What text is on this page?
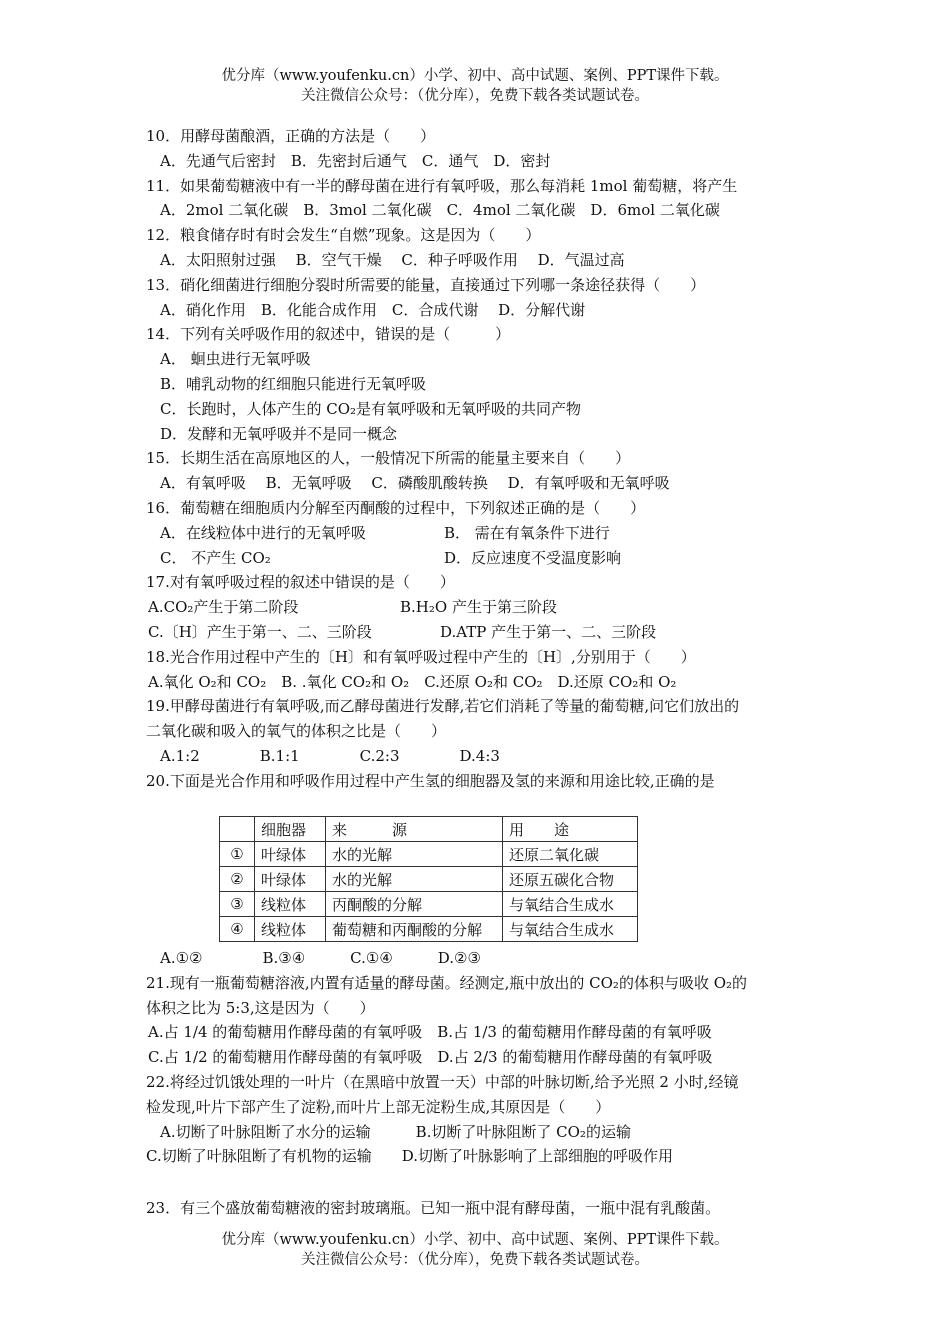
优分库（www.youfenku.cn）小学、初中、高中试题、案例、PPT课件下载。
关注微信公众号：（优分库），免费下载各类试题试卷。
10．用酵母菌酿酒，正确的方法是（　　）
A．先通气后密封　B．先密封后通气　C．通气　D．密封
11．如果葡萄糖液中有一半的酵母菌在进行有氧呼吸，那么每消耗 1mol 葡萄糖，将产生
A．2mol 二氧化碳　B．3mol 二氧化碳　C．4mol 二氧化碳　D．6mol 二氧化碳
12．粮食储存时有时会发生“自燃”现象。这是因为（　　）
A．太阳照射过强　 B．空气干燥　 C．种子呼吸作用　 D．气温过高
13．硝化细菌进行细胞分裂时所需要的能量，直接通过下列哪一条途径获得（　　）
A．硝化作用　B．化能合成作用　C．合成代谢　 D．分解代谢
14．下列有关呼吸作用的叙述中，错误的是（　　　）
A． 蛔虫进行无氧呼吸
B．哺乳动物的红细胞只能进行无氧呼吸
C．长跑时，人体产生的 CO₂是有氧呼吸和无氧呼吸的共同产物
D．发酵和无氧呼吸并不是同一概念
15．长期生活在高原地区的人，一般情况下所需的能量主要来自（　　）
A．有氧呼吸　 B．无氧呼吸　 C．磷酸肌酸转换　 D．有氧呼吸和无氧呼吸
16．葡萄糖在细胞质内分解至丙酮酸的过程中，下列叙述正确的是（　　）
A．在线粒体中进行的无氧呼吸	B． 需在有氧条件下进行
C． 不产生 CO₂	D．反应速度不受温度影响
17.对有氧呼吸过程的叙述中错误的是（　　）
A.CO₂产生于第二阶段	B.H₂O 产生于第三阶段
C.〔H〕产生于第一、二、三阶段	D.ATP 产生于第一、二、三阶段
18.光合作用过程中产生的〔H〕和有氧呼吸过程中产生的〔H〕,分别用于（　　）
A.氧化 O₂和 CO₂　B. .氧化 CO₂和 O₂　C.还原 O₂和 CO₂　D.还原 CO₂和 O₂
19.甲酵母菌进行有氧呼吸,而乙酵母菌进行发酵,若它们消耗了等量的葡萄糖,问它们放出的
二氧化碳和吸入的氧气的体积之比是（　　）
A.1:2　　　　B.1:1　　　　C.2:3　　　　D.4:3
20.下面是光合作用和呼吸作用过程中产生氢的细胞器及氢的来源和用途比较,正确的是
	细胞器	来　　　源	用　　途
①	叶绿体	水的光解	还原二氧化碳
②	叶绿体	水的光解	还原五碳化合物
③	线粒体	丙酮酸的分解	与氧结合生成水
④	线粒体	葡萄糖和丙酮酸的分解	与氧结合生成水
A.①②　　　　B.③④　　　C.①④　　　D.②③
21.现有一瓶葡萄糖溶液,内置有适量的酵母菌。经测定,瓶中放出的 CO₂的体积与吸收 O₂的
体积之比为 5:3,这是因为（　　）
A.占 1/4 的葡萄糖用作酵母菌的有氧呼吸　B.占 1/3 的葡萄糖用作酵母菌的有氧呼吸
C.占 1/2 的葡萄糖用作酵母菌的有氧呼吸　D.占 2/3 的葡萄糖用作酵母菌的有氧呼吸
22.将经过饥饿处理的一叶片（在黑暗中放置一天）中部的叶脉切断,给予光照 2 小时,经镜
检发现,叶片下部产生了淀粉,而叶片上部无淀粉生成,其原因是（　　）
A.切断了叶脉阻断了水分的运输　　　B.切断了叶脉阻断了 CO₂的运输
C.切断了叶脉阻断了有机物的运输　　D.切断了叶脉影响了上部细胞的呼吸作用
23．有三个盛放葡萄糖液的密封玻璃瓶。已知一瓶中混有酵母菌，一瓶中混有乳酸菌。
优分库（www.youfenku.cn）小学、初中、高中试题、案例、PPT课件下载。
关注微信公众号：（优分库），免费下载各类试题试卷。
